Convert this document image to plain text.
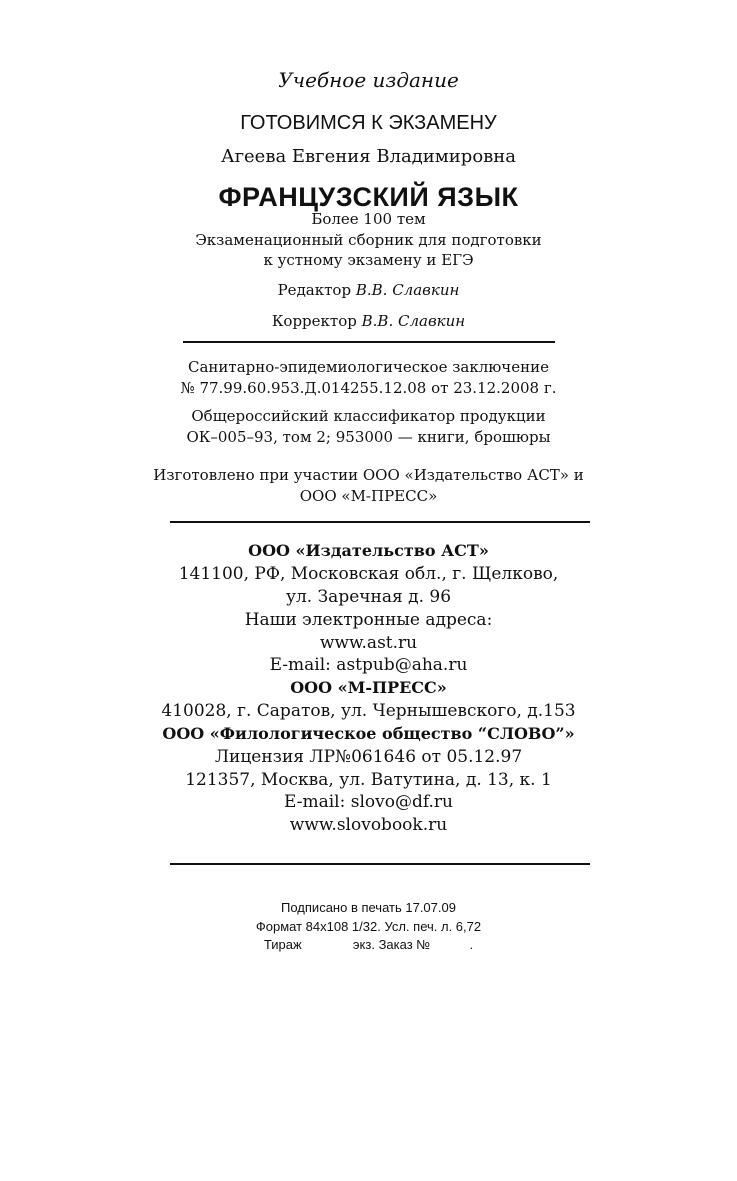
Учебное издание
ГОТОВИМСЯ К ЭКЗАМЕНУ
Агеева Евгения Владимировна
ФРАНЦУЗСКИЙ ЯЗЫК
Более 100 тем
Экзаменационный сборник для подготовки
к устному экзамену и ЕГЭ
Редактор В.В. Славкин
Корректор В.В. Славкин
Санитарно-эпидемиологическое заключение
№ 77.99.60.953.Д.014255.12.08 от 23.12.2008 г.
Общероссийский классификатор продукции
ОК–005–93, том 2; 953000 — книги, брошюры
Изготовлено при участии ООО «Издательство АСТ» и
ООО «М-ПРЕСС»
ООО «Издательство АСТ»
141100, РФ, Московская обл., г. Щелково,
ул. Заречная д. 96
Наши электронные адреса:
www.ast.ru
E-mail: astpub@aha.ru
ООО «М-ПРЕСС»
410028, г. Саратов, ул. Чернышевского, д.153
ООО «Филологическое общество “СЛОВО”»
Лицензия ЛР№061646 от 05.12.97
121357, Москва, ул. Ватутина, д. 13, к. 1
E-mail: slovo@df.ru
www.slovobook.ru
Подписано в печать 17.07.09
Формат 84x108 1/32. Усл. печ. л. 6,72
Тираж	экз. Заказ №	.
